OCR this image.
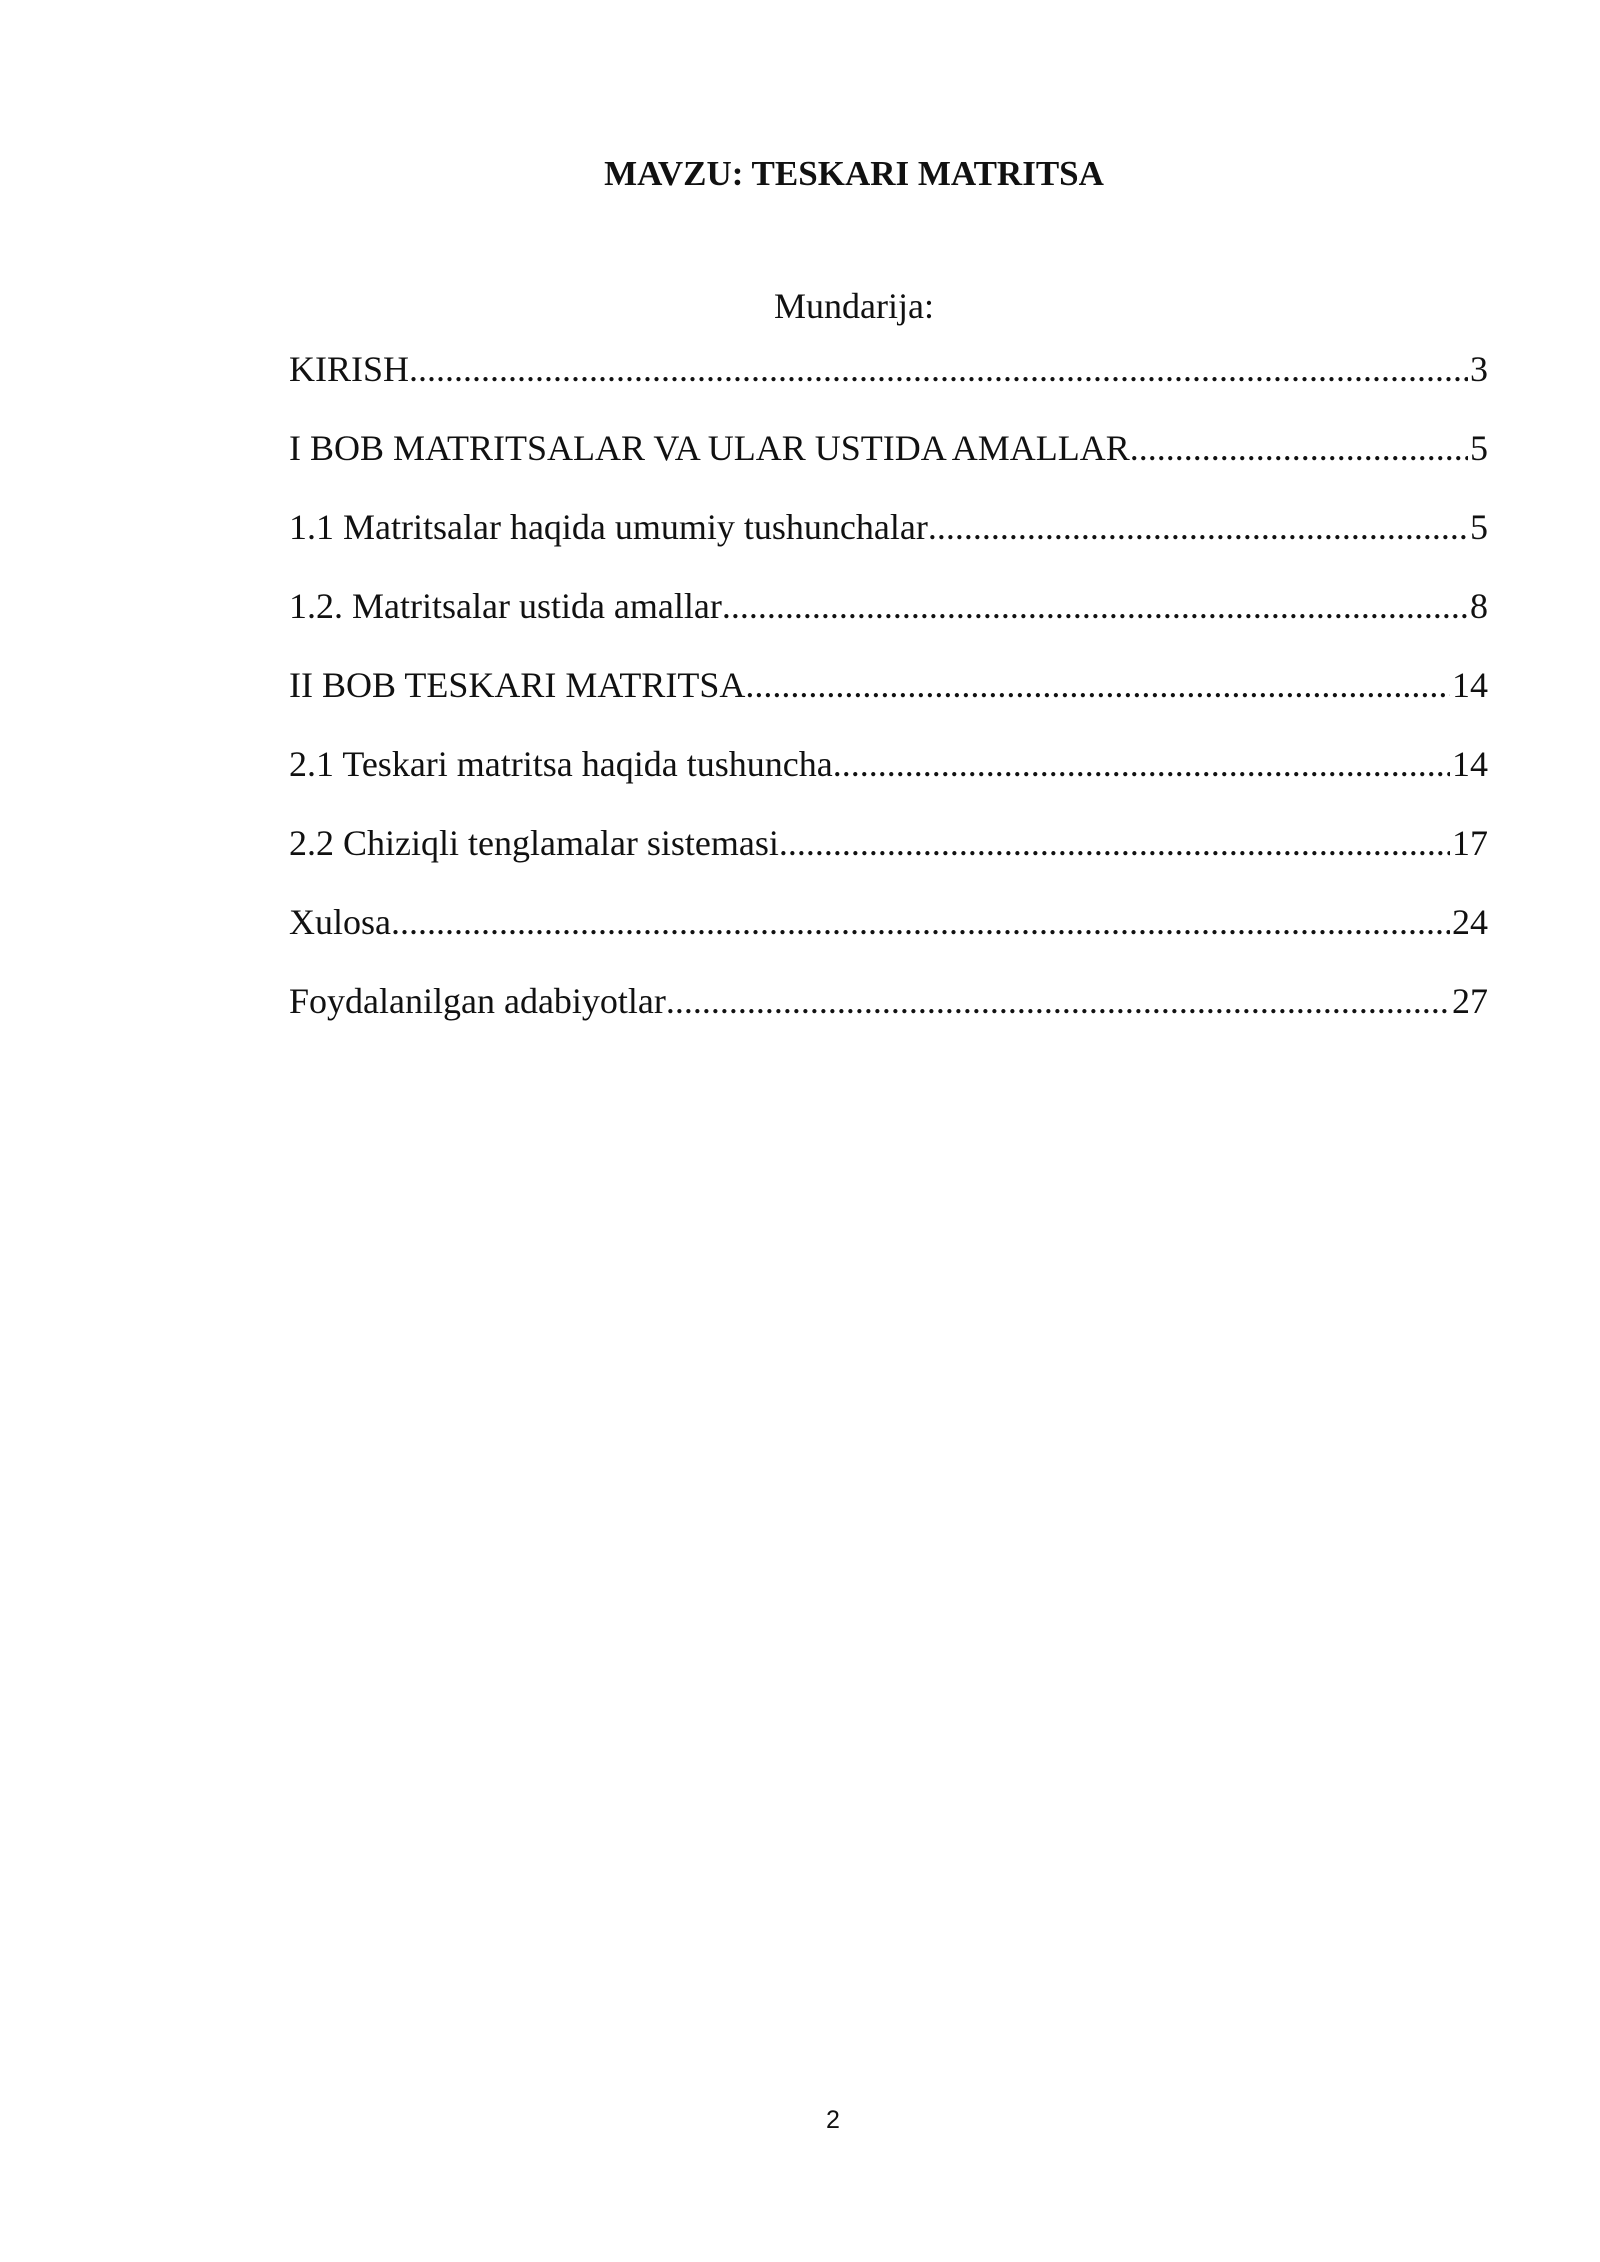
MAVZU: TESKARI MATRITSA
Mundarija:
KIRISH .....	3
I BOB MATRITSALAR VA ULAR USTIDA AMALLAR .....	5
1.1 Matritsalar haqida umumiy tushunchalar .....	5
1.2. Matritsalar ustida amallar .....	8
II BOB TESKARI MATRITSA .....	14
2.1 Teskari matritsa haqida tushuncha .....	14
2.2 Chiziqli tenglamalar sistemasi .....	17
Xulosa .....	24
Foydalanilgan adabiyotlar .....	27
2
